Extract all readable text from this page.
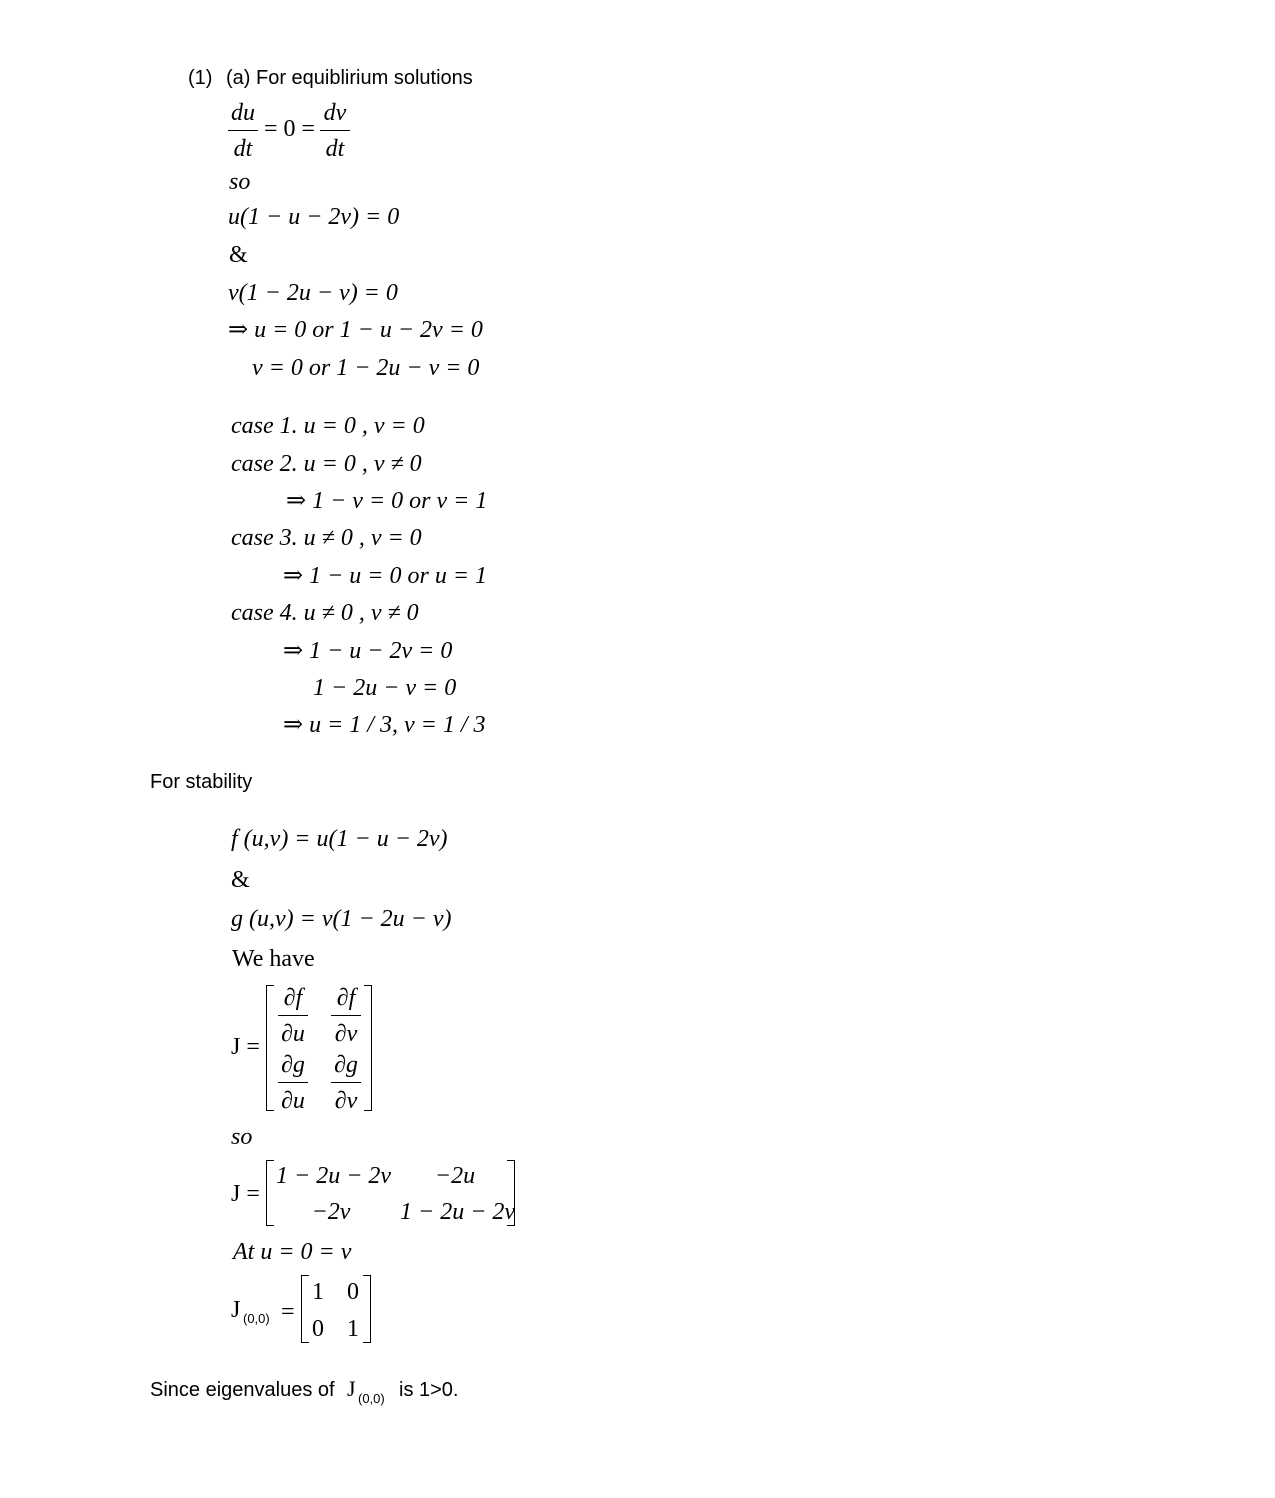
(1) (a) For equiblirium solutions
du
dt
= 0 =
dv
dt
so
u(1 − u − 2v) = 0
&
v(1 − 2u − v) = 0
⇒ u = 0 or 1 − u − 2v = 0
v = 0 or 1 − 2u − v = 0
case 1. u = 0 , v = 0
case 2. u = 0 , v ≠ 0
⇒ 1 − v = 0 or v = 1
case 3. u ≠ 0 , v = 0
⇒ 1 − u = 0 or u = 1
case 4. u ≠ 0 , v ≠ 0
⇒ 1 − u − 2v = 0
1 − 2u − v = 0
⇒ u = 1 / 3, v = 1 / 3
For stability
f (u,v) = u(1 − u − 2v)
&
g (u,v) = v(1 − 2u − v)
We have
J =
∂f
∂u
∂f
∂v
∂g
∂u
∂g
∂v
so
J =
1 − 2u − 2v	−2u
−2v	1 − 2u − 2v
At u = 0 = v
J (0,0) =
1 0
0 1
Since eigenvalues of J (0,0) is 1>0.
